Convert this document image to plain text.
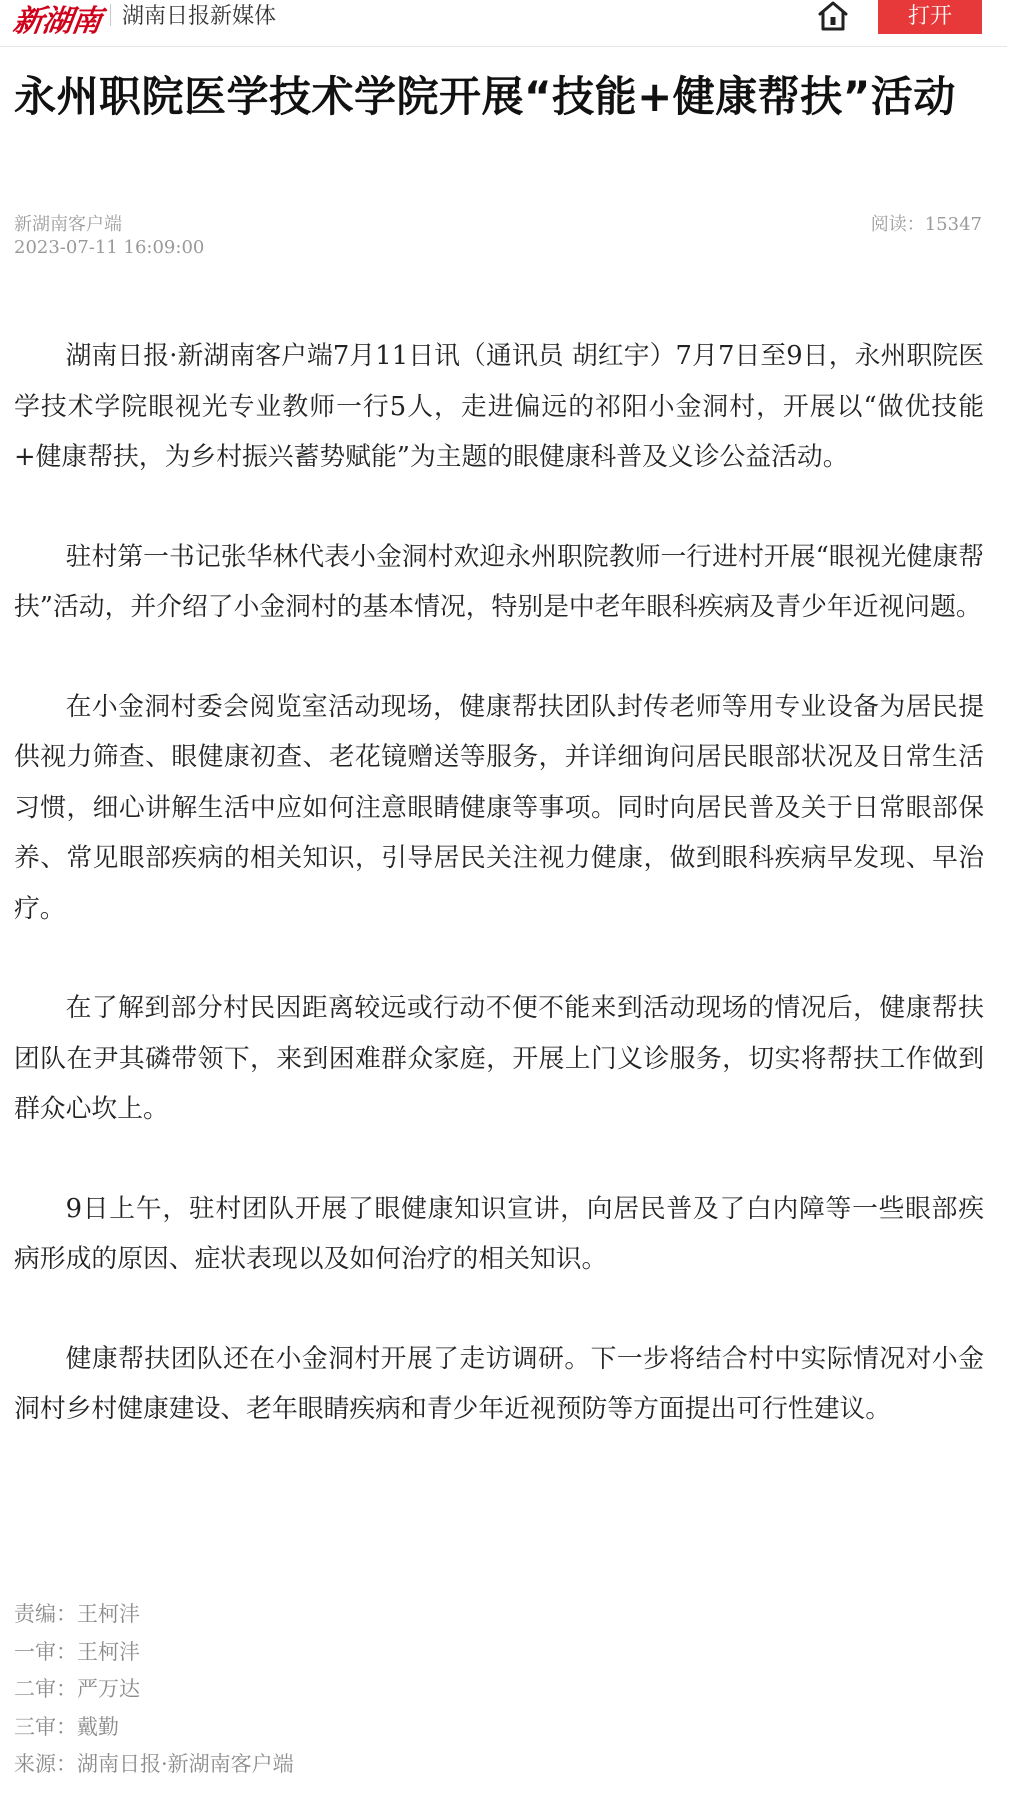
新湖南 湖南日报新媒体	打开
永州职院医学技术学院开展“技能+健康帮扶”活动
新湖南客户端
2023-07-11 16:09:00
阅读：15347

湖南日报·新湖南客户端7月11日讯（通讯员 胡红宇）7月7日至9日，永州职院医学技术学院眼视光专业教师一行5人，走进偏远的祁阳小金洞村，开展以“做优技能+健康帮扶，为乡村振兴蓄势赋能”为主题的眼健康科普及义诊公益活动。

驻村第一书记张华林代表小金洞村欢迎永州职院教师一行进村开展“眼视光健康帮扶”活动，并介绍了小金洞村的基本情况，特别是中老年眼科疾病及青少年近视问题。

在小金洞村委会阅览室活动现场，健康帮扶团队封传老师等用专业设备为居民提供视力筛查、眼健康初查、老花镜赠送等服务，并详细询问居民眼部状况及日常生活习惯，细心讲解生活中应如何注意眼睛健康等事项。同时向居民普及关于日常眼部保养、常见眼部疾病的相关知识，引导居民关注视力健康，做到眼科疾病早发现、早治疗。

在了解到部分村民因距离较远或行动不便不能来到活动现场的情况后，健康帮扶团队在尹其磷带领下，来到困难群众家庭，开展上门义诊服务，切实将帮扶工作做到群众心坎上。

9日上午，驻村团队开展了眼健康知识宣讲，向居民普及了白内障等一些眼部疾病形成的原因、症状表现以及如何治疗的相关知识。

健康帮扶团队还在小金洞村开展了走访调研。下一步将结合村中实际情况对小金洞村乡村健康建设、老年眼睛疾病和青少年近视预防等方面提出可行性建议。

责编：王柯沣
一审：王柯沣
二审：严万达
三审：戴勤
来源：湖南日报·新湖南客户端
